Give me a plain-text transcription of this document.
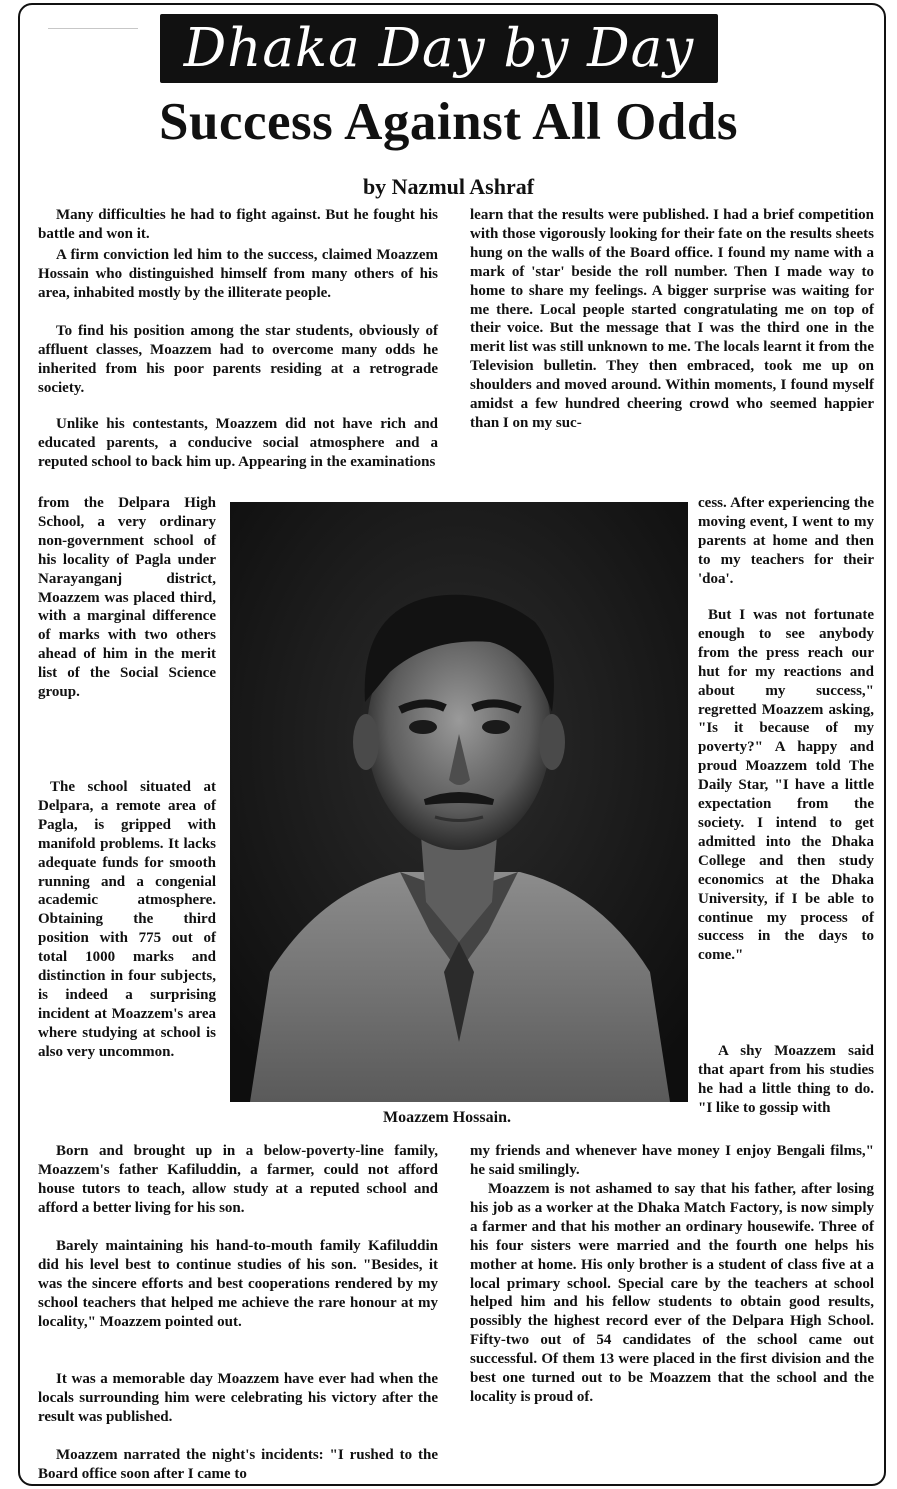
Dhaka Day by Day
Success Against All Odds
by Nazmul Ashraf

Many difficulties he had to fight against. But he fought his battle and won it.

A firm conviction led him to the success, claimed Moazzem Hossain who distinguished himself from many others of his area, inhabited mostly by the illiterate people.

To find his position among the star students, obviously of affluent classes, Moazzem had to overcome many odds he inherited from his poor parents residing at a retrograde society.

Unlike his contestants, Moazzem did not have rich and educated parents, a conducive social atmosphere and a reputed school to back him up. Appearing in the examinations

from the Delpara High School, a very ordinary non-government school of his locality of Pagla under Narayanganj district, Moazzem was placed third, with a marginal difference of marks with two others ahead of him in the merit list of the Social Science group.

The school situated at Delpara, a remote area of Pagla, is gripped with manifold problems. It lacks adequate funds for smooth running and a congenial academic atmosphere. Obtaining the third position with 775 out of total 1000 marks and distinction in four subjects, is indeed a surprising incident at Moazzem's area where studying at school is also very uncommon.

Born and brought up in a below-poverty-line family, Moazzem's father Kafiluddin, a farmer, could not afford house tutors to teach, allow study at a reputed school and afford a better living for his son.

Barely maintaining his hand-to-mouth family Kafiluddin did his level best to continue studies of his son. "Besides, it was the sincere efforts and best cooperations rendered by my school teachers that helped me achieve the rare honour at my locality," Moazzem pointed out.

It was a memorable day Moazzem have ever had when the locals surrounding him were celebrating his victory after the result was published.

Moazzem narrated the night's incidents: "I rushed to the Board office soon after I came to

learn that the results were published. I had a brief competition with those vigorously looking for their fate on the results sheets hung on the walls of the Board office. I found my name with a mark of 'star' beside the roll number. Then I made way to home to share my feelings. A bigger surprise was waiting for me there. Local people started congratulating me on top of their voice. But the message that I was the third one in the merit list was still unknown to me. The locals learnt it from the Television bulletin. They then embraced, took me up on shoulders and moved around. Within moments, I found myself amidst a few hundred cheering crowd who seemed happier than I on my suc-

cess. After experiencing the moving event, I went to my parents at home and then to my teachers for their 'doa'.

But I was not fortunate enough to see anybody from the press reach our hut for my reactions and about my success," regretted Moazzem asking, "Is it because of my poverty?" A happy and proud Moazzem told The Daily Star, "I have a little expectation from the society. I intend to get admitted into the Dhaka College and then study economics at the Dhaka University, if I be able to continue my process of success in the days to come."

A shy Moazzem said that apart from his studies he had a little thing to do. "I like to gossip with

my friends and whenever have money I enjoy Bengali films," he said smilingly.

Moazzem is not ashamed to say that his father, after losing his job as a worker at the Dhaka Match Factory, is now simply a farmer and that his mother an ordinary housewife. Three of his four sisters were married and the fourth one helps his mother at home. His only brother is a student of class five at a local primary school. Special care by the teachers at school helped him and his fellow students to obtain good results, possibly the highest record ever of the Delpara High School. Fifty-two out of 54 candidates of the school came out successful. Of them 13 were placed in the first division and the best one turned out to be Moazzem that the school and the locality is proud of.

Moazzem Hossain.
